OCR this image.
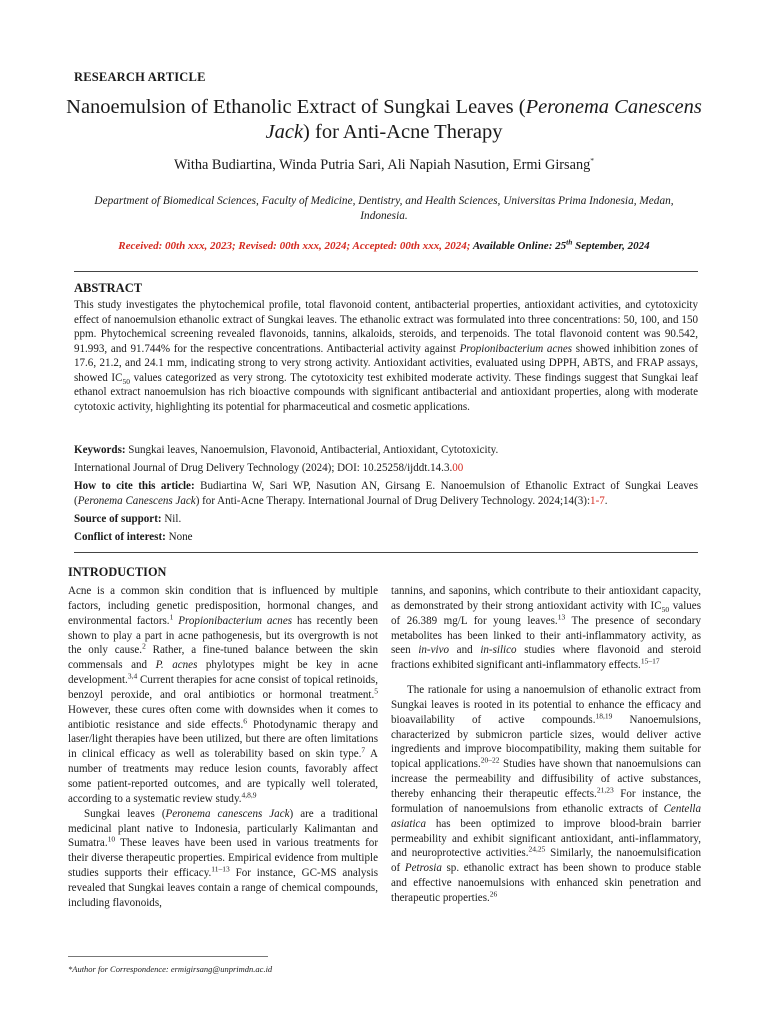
RESEARCH ARTICLE
Nanoemulsion of Ethanolic Extract of Sungkai Leaves (Peronema Canescens Jack) for Anti-Acne Therapy
Witha Budiartina, Winda Putria Sari, Ali Napiah Nasution, Ermi Girsang*
Department of Biomedical Sciences, Faculty of Medicine, Dentistry, and Health Sciences, Universitas Prima Indonesia, Medan, Indonesia.
Received: 00th xxx, 2023; Revised: 00th xxx, 2024; Accepted: 00th xxx, 2024; Available Online: 25th September, 2024
ABSTRACT
This study investigates the phytochemical profile, total flavonoid content, antibacterial properties, antioxidant activities, and cytotoxicity effect of nanoemulsion ethanolic extract of Sungkai leaves. The ethanolic extract was formulated into three concentrations: 50, 100, and 150 ppm. Phytochemical screening revealed flavonoids, tannins, alkaloids, steroids, and terpenoids. The total flavonoid content was 90.542, 91.993, and 91.744% for the respective concentrations. Antibacterial activity against Propionibacterium acnes showed inhibition zones of 17.6, 21.2, and 24.1 mm, indicating strong to very strong activity. Antioxidant activities, evaluated using DPPH, ABTS, and FRAP assays, showed $IC_{50}$ values categorized as very strong. The cytotoxicity test exhibited moderate activity. These findings suggest that Sungkai leaf ethanol extract nanoemulsion has rich bioactive compounds with significant antibacterial and antioxidant properties, along with moderate cytotoxic activity, highlighting its potential for pharmaceutical and cosmetic applications.
Keywords: Sungkai leaves, Nanoemulsion, Flavonoid, Antibacterial, Antioxidant, Cytotoxicity.
International Journal of Drug Delivery Technology (2024); DOI: 10.25258/ijddt.14.3.00
How to cite this article: Budiartina W, Sari WP, Nasution AN, Girsang E. Nanoemulsion of Ethanolic Extract of Sungkai Leaves (Peronema Canescens Jack) for Anti-Acne Therapy. International Journal of Drug Delivery Technology. 2024;14(3):1-7.
Source of support: Nil.
Conflict of interest: None
INTRODUCTION

Acne is a common skin condition that is influenced by multiple factors, including genetic predisposition, hormonal changes, and environmental factors.$^1$ Propionibacterium acnes has recently been shown to play a part in acne pathogenesis, but its overgrowth is not the only cause.$^2$ Rather, a fine-tuned balance between the skin commensals and P. acnes phylotypes might be key in acne development.$^{3,4}$ Current therapies for acne consist of topical retinoids, benzoyl peroxide, and oral antibiotics or hormonal treatment.$^5$ However, these cures often come with downsides when it comes to antibiotic resistance and side effects.$^6$ Photodynamic therapy and laser/light therapies have been utilized, but there are often limitations in clinical efficacy as well as tolerability based on skin type.$^7$ A number of treatments may reduce lesion counts, favorably affect some patient-reported outcomes, and are typically well tolerated, according to a systematic review study.$^{4,8,9}$

Sungkai leaves (Peronema canescens Jack) are a traditional medicinal plant native to Indonesia, particularly Kalimantan and Sumatra.$^{10}$ These leaves have been used in various treatments for their diverse therapeutic properties. Empirical evidence from multiple studies supports their efficacy.$^{11-13}$ For instance, GC-MS analysis revealed that Sungkai leaves contain a range of chemical compounds, including flavonoids,

tannins, and saponins, which contribute to their antioxidant capacity, as demonstrated by their strong antioxidant activity with $IC_{50}$ values of 26.389 mg/L for young leaves.$^{13}$ The presence of secondary metabolites has been linked to their anti-inflammatory activity, as seen in-vivo and in-silico studies where flavonoid and steroid fractions exhibited significant anti-inflammatory effects.$^{15-17}$

The rationale for using a nanoemulsion of ethanolic extract from Sungkai leaves is rooted in its potential to enhance the efficacy and bioavailability of active compounds.$^{18,19}$ Nanoemulsions, characterized by submicron particle sizes, would deliver active ingredients and improve biocompatibility, making them suitable for topical applications.$^{20-22}$ Studies have shown that nanoemulsions can increase the permeability and diffusibility of active substances, thereby enhancing their therapeutic effects.$^{21,23}$ For instance, the formulation of nanoemulsions from ethanolic extracts of Centella asiatica has been optimized to improve blood-brain barrier permeability and exhibit significant antioxidant, anti-inflammatory, and neuroprotective activities.$^{24,25}$ Similarly, the nanoemulsification of Petrosia sp. ethanolic extract has been shown to produce stable and effective nanoemulsions with enhanced skin penetration and therapeutic properties.$^{26}$

*Author for Correspondence: ermigirsang@unprimdn.ac.id
